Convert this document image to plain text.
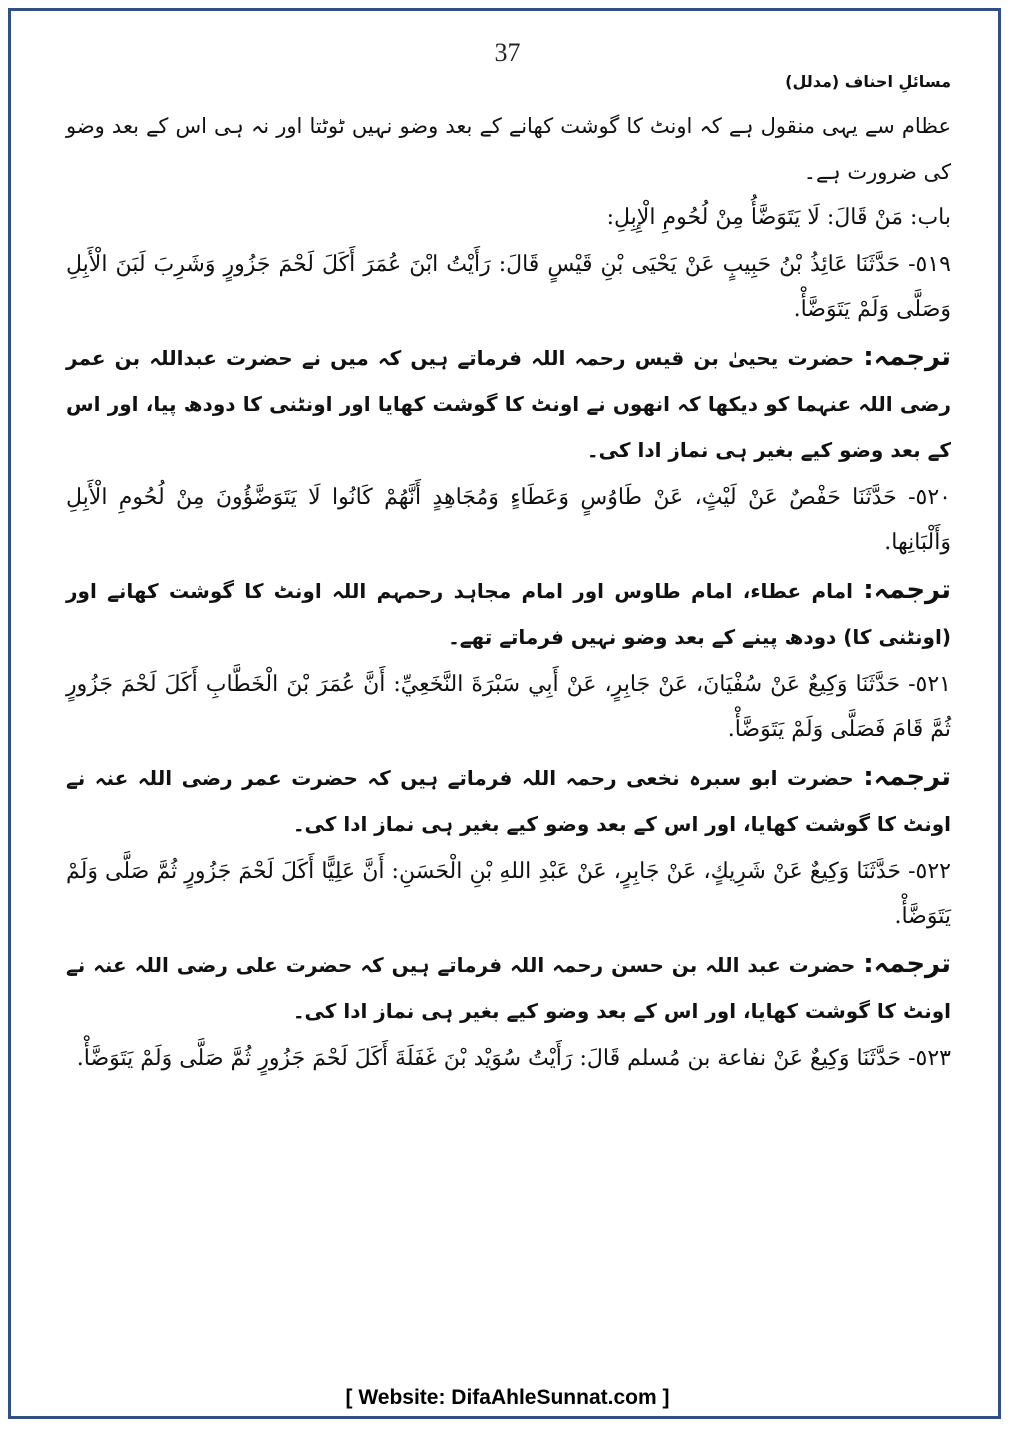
37
مسائلِ احناف (مدلل)

عظام سے یہی منقول ہے کہ اونٹ کا گوشت کھانے کے بعد وضو نہیں ٹوٹتا اور نہ ہی اس کے بعد وضو کی ضرورت ہے۔

باب: مَنْ قَالَ: لَا يَتَوَضَّأُ مِنْ لُحُومِ الْإِبِلِ:

٥١٩- حَدَّثَنَا عَائِذُ بْنُ حَبِيبٍ عَنْ يَحْيَى بْنِ قَيْسٍ قَالَ: رَأَيْتُ ابْنَ عُمَرَ أَكَلَ لَحْمَ جَزُورٍ وَشَرِبَ لَبَنَ الْأَبِلِ وَصَلَّى وَلَمْ يَتَوَضَّأْ.

ترجمہ: حضرت یحییٰ بن قیس رحمہ اللہ فرماتے ہیں کہ میں نے حضرت عبداللہ بن عمر رضی اللہ عنہما کو دیکھا کہ انھوں نے اونٹ کا گوشت کھایا اور اونٹنی کا دودھ پیا، اور اس کے بعد وضو کیے بغیر ہی نماز ادا کی۔

٥٢٠- حَدَّثَنَا حَفْصٌ عَنْ لَيْثٍ، عَنْ طَاوُسٍ وَعَطَاءٍ وَمُجَاهِدٍ أَنَّهُمْ كَانُوا لَا يَتَوَضَّؤُونَ مِنْ لُحُومِ الْأَبِلِ وَأَلْبَانِها.

ترجمہ: امام عطاء، امام طاوس اور امام مجاہد رحمہم اللہ اونٹ کا گوشت کھانے اور (اونٹنی کا) دودھ پینے کے بعد وضو نہیں فرماتے تھے۔

٥٢١- حَدَّثَنَا وَكِيعٌ عَنْ سُفْيَانَ، عَنْ جَابِرٍ، عَنْ أَبِي سَبْرَةَ النَّخَعِيِّ: أَنَّ عُمَرَ بْنَ الْخَطَّابِ أَكَلَ لَحْمَ جَزُورٍ ثُمَّ قَامَ فَصَلَّى وَلَمْ يَتَوَضَّأْ.

ترجمہ: حضرت ابو سبرہ نخعی رحمہ اللہ فرماتے ہیں کہ حضرت عمر رضی اللہ عنہ نے اونٹ کا گوشت کھایا، اور اس کے بعد وضو کیے بغیر ہی نماز ادا کی۔

٥٢٢- حَدَّثَنَا وَكِيعٌ عَنْ شَرِيكٍ، عَنْ جَابِرٍ، عَنْ عَبْدِ اللهِ بْنِ الْحَسَنِ: أَنَّ عَلِيًّا أَكَلَ لَحْمَ جَزُورٍ ثُمَّ صَلَّى وَلَمْ يَتَوَضَّأْ.

ترجمہ: حضرت عبد اللہ بن حسن رحمہ اللہ فرماتے ہیں کہ حضرت علی رضی اللہ عنہ نے اونٹ کا گوشت کھایا، اور اس کے بعد وضو کیے بغیر ہی نماز ادا کی۔

٥٢٣- حَدَّثَنَا وَكِيعٌ عَنْ نفاعة بن مُسلم قَالَ: رَأَيْتُ سُوَيْد بْنَ غَفَلَةَ أَكَلَ لَحْمَ جَزُورٍ ثُمَّ صَلَّى وَلَمْ يَتَوَضَّأْ.

[ Website: DifaAhleSunnat.com ]
